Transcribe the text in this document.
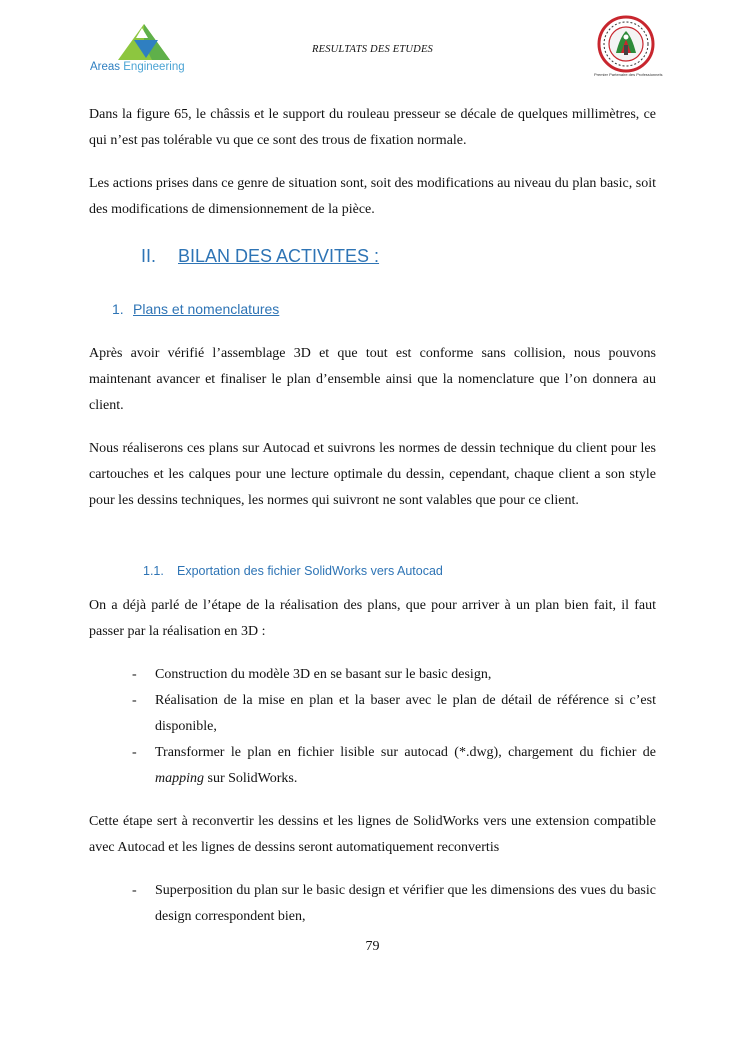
Areas Engineering
RESULTATS DES ETUDES
Premier Partenaire des Professionnels

Dans la figure 65, le châssis et le support du rouleau presseur se décale de quelques millimètres, ce qui n’est pas tolérable vu que ce sont des trous de fixation normale.

Les actions prises dans ce genre de situation sont, soit des modifications au niveau du plan basic, soit des modifications de dimensionnement de la pièce.

II. BILAN DES ACTIVITES :
1. Plans et nomenclatures

Après avoir vérifié l’assemblage 3D et que tout est conforme sans collision, nous pouvons maintenant avancer et finaliser le plan d’ensemble ainsi que la nomenclature que l’on donnera au client.

Nous réaliserons ces plans sur Autocad et suivrons les normes de dessin technique du client pour les cartouches et les calques pour une lecture optimale du dessin, cependant, chaque client a son style pour les dessins techniques, les normes qui suivront ne sont valables que pour ce client.

1.1. Exportation des fichier SolidWorks vers Autocad

On a déjà parlé de l’étape de la réalisation des plans, que pour arriver à un plan bien fait, il faut passer par la réalisation en 3D :

- Construction du modèle 3D en se basant sur le basic design,

- Réalisation de la mise en plan et la baser avec le plan de détail de référence si c’est disponible,

- Transformer le plan en fichier lisible sur autocad (*.dwg), chargement du fichier de mapping sur SolidWorks.

Cette étape sert à reconvertir les dessins et les lignes de SolidWorks vers une extension compatible avec Autocad et les lignes de dessins seront automatiquement reconvertis

- Superposition du plan sur le basic design et vérifier que les dimensions des vues du basic design correspondent bien,

79
